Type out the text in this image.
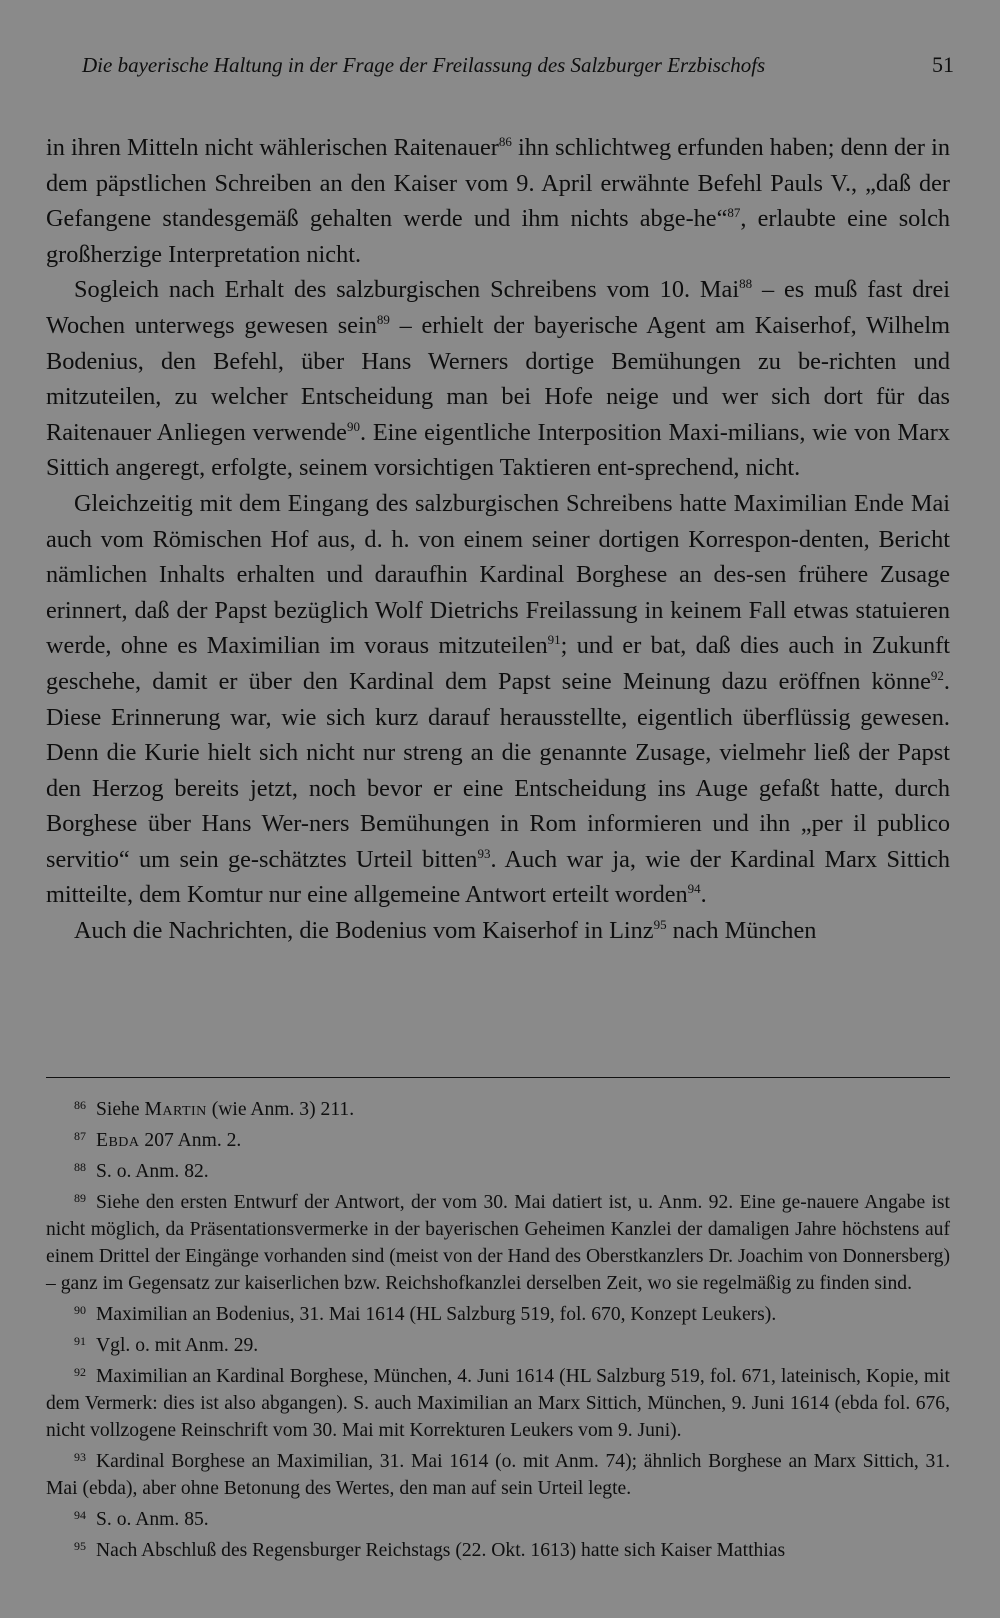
Die bayerische Haltung in der Frage der Freilassung des Salzburger Erzbischofs	51

in ihren Mitteln nicht wählerischen Raitenauer$^{86}$ ihn schlichtweg erfunden haben; denn der in dem päpstlichen Schreiben an den Kaiser vom 9. April erwähnte Befehl Pauls V., „daß der Gefangene standesgemäß gehalten werde und ihm nichts abge-he“$^{87}$, erlaubte eine solch großherzige Interpretation nicht.

Sogleich nach Erhalt des salzburgischen Schreibens vom 10. Mai$^{88}$ – es muß fast drei Wochen unterwegs gewesen sein$^{89}$ – erhielt der bayerische Agent am Kaiserhof, Wilhelm Bodenius, den Befehl, über Hans Werners dortige Bemühungen zu be-richten und mitzuteilen, zu welcher Entscheidung man bei Hofe neige und wer sich dort für das Raitenauer Anliegen verwende$^{90}$. Eine eigentliche Interposition Maxi-milians, wie von Marx Sittich angeregt, erfolgte, seinem vorsichtigen Taktieren ent-sprechend, nicht.

Gleichzeitig mit dem Eingang des salzburgischen Schreibens hatte Maximilian Ende Mai auch vom Römischen Hof aus, d. h. von einem seiner dortigen Korrespon-denten, Bericht nämlichen Inhalts erhalten und daraufhin Kardinal Borghese an des-sen frühere Zusage erinnert, daß der Papst bezüglich Wolf Dietrichs Freilassung in keinem Fall etwas statuieren werde, ohne es Maximilian im voraus mitzuteilen$^{91}$; und er bat, daß dies auch in Zukunft geschehe, damit er über den Kardinal dem Papst seine Meinung dazu eröffnen könne$^{92}$. Diese Erinnerung war, wie sich kurz darauf herausstellte, eigentlich überflüssig gewesen. Denn die Kurie hielt sich nicht nur streng an die genannte Zusage, vielmehr ließ der Papst den Herzog bereits jetzt, noch bevor er eine Entscheidung ins Auge gefaßt hatte, durch Borghese über Hans Wer-ners Bemühungen in Rom informieren und ihn „per il publico servitio“ um sein ge-schätztes Urteil bitten$^{93}$. Auch war ja, wie der Kardinal Marx Sittich mitteilte, dem Komtur nur eine allgemeine Antwort erteilt worden$^{94}$.

Auch die Nachrichten, die Bodenius vom Kaiserhof in Linz$^{95}$ nach München

$^{86}$ Siehe Martin (wie Anm. 3) 211.

$^{87}$ Ebda 207 Anm. 2.

$^{88}$ S. o. Anm. 82.

$^{89}$ Siehe den ersten Entwurf der Antwort, der vom 30. Mai datiert ist, u. Anm. 92. Eine ge-nauere Angabe ist nicht möglich, da Präsentationsvermerke in der bayerischen Geheimen Kanzlei der damaligen Jahre höchstens auf einem Drittel der Eingänge vorhanden sind (meist von der Hand des Oberstkanzlers Dr. Joachim von Donnersberg) – ganz im Gegensatz zur kaiserlichen bzw. Reichshofkanzlei derselben Zeit, wo sie regelmäßig zu finden sind.

$^{90}$ Maximilian an Bodenius, 31. Mai 1614 (HL Salzburg 519, fol. 670, Konzept Leukers).

$^{91}$ Vgl. o. mit Anm. 29.

$^{92}$ Maximilian an Kardinal Borghese, München, 4. Juni 1614 (HL Salzburg 519, fol. 671, lateinisch, Kopie, mit dem Vermerk: dies ist also abgangen). S. auch Maximilian an Marx Sittich, München, 9. Juni 1614 (ebda fol. 676, nicht vollzogene Reinschrift vom 30. Mai mit Korrekturen Leukers vom 9. Juni).

$^{93}$ Kardinal Borghese an Maximilian, 31. Mai 1614 (o. mit Anm. 74); ähnlich Borghese an Marx Sittich, 31. Mai (ebda), aber ohne Betonung des Wertes, den man auf sein Urteil legte.

$^{94}$ S. o. Anm. 85.

$^{95}$ Nach Abschluß des Regensburger Reichstags (22. Okt. 1613) hatte sich Kaiser Matthias
